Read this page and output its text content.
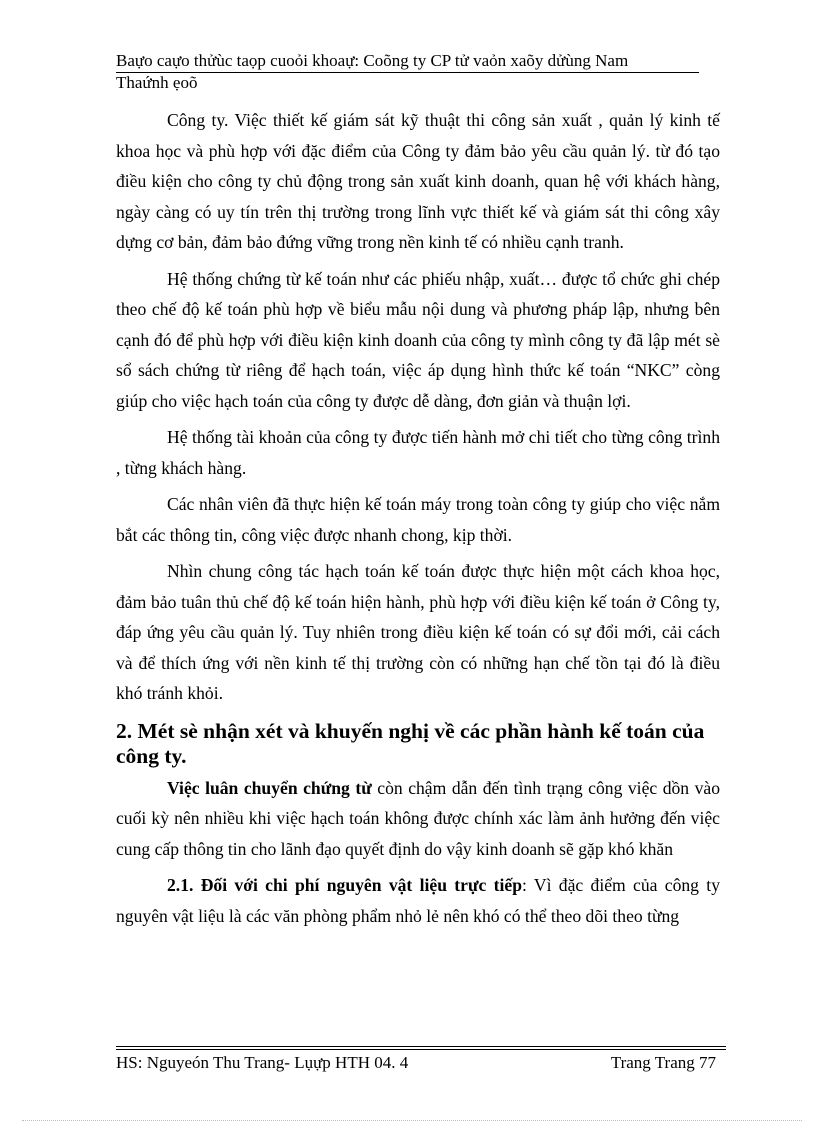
Baựo caựo thửùc taọp cuoỏi khoaự: Coõng ty CP tử vaỏn xaõy dửùng Nam
Thaứnh ẹoõ

Công ty. Việc thiết kế giám sát kỹ thuật thi công sản xuất , quản lý kinh tế khoa học và phù hợp với đặc điểm của Công ty đảm bảo yêu cầu quản lý. từ đó tạo điều kiện cho công ty chủ động trong sản xuất kinh doanh, quan hệ với khách hàng, ngày càng có uy tín trên thị trường trong lĩnh vực thiết kế và giám sát thi công xây dựng cơ bản, đảm bảo đứng vững trong nền kinh tế có nhiều cạnh tranh.

Hệ thống chứng từ kế toán như các phiếu nhập, xuất… được tổ chức ghi chép theo chế độ kế toán phù hợp về biểu mẫu nội dung và phương pháp lập, nhưng bên cạnh đó để phù hợp với điều kiện kinh doanh của công ty mình công ty đã lập mét sè sổ sách chứng từ riêng để hạch toán, việc áp dụng hình thức kế toán “NKC” còng giúp cho việc hạch toán của công ty được dễ dàng, đơn giản và thuận lợi.

Hệ thống tài khoản của công ty được tiến hành mở chi tiết cho từng công trình , từng khách hàng.

Các nhân viên đã thực hiện kế toán máy trong toàn công ty giúp cho việc nắm bắt các thông tin, công việc được nhanh chong, kịp thời.

Nhìn chung công tác hạch toán kế toán được thực hiện một cách khoa học, đảm bảo tuân thủ chế độ kế toán hiện hành, phù hợp với điều kiện kế toán ở Công ty, đáp ứng yêu cầu quản lý. Tuy nhiên trong điều kiện kế toán có sự đổi mới, cải cách và để thích ứng với nền kinh tế thị trường còn có những hạn chế tồn tại đó là điều khó tránh khỏi.

2. Mét sè nhận xét và khuyến nghị về các phần hành kế toán của công ty.

Việc luân chuyển chứng từ còn chậm dẫn đến tình trạng công việc dồn vào cuối kỳ nên nhiều khi việc hạch toán không được chính xác làm ảnh hưởng đến việc cung cấp thông tin cho lãnh đạo quyết định do vậy kinh doanh sẽ gặp khó khăn

2.1. Đối với chi phí nguyên vật liệu trực tiếp: Vì đặc điểm của công ty nguyên vật liệu là các văn phòng phẩm nhỏ lẻ nên khó có thể theo dõi theo từng

HS: Nguyeón Thu Trang- Lụựp HTH 04. 4	Trang Trang 77
